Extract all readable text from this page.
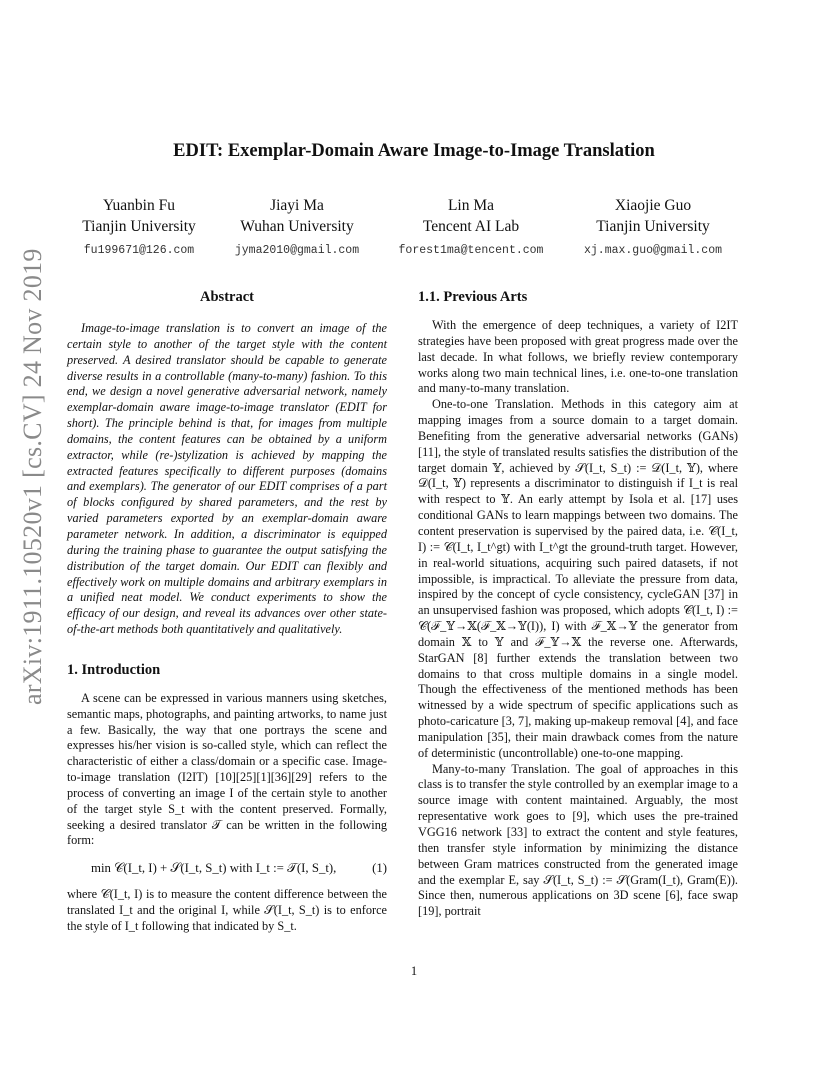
arXiv:1911.10520v1 [cs.CV] 24 Nov 2019
EDIT: Exemplar-Domain Aware Image-to-Image Translation
Yuanbin Fu
Tianjin University
fu199671@126.com
Jiayi Ma
Wuhan University
jyma2010@gmail.com
Lin Ma
Tencent AI Lab
forest1ma@tencent.com
Xiaojie Guo
Tianjin University
xj.max.guo@gmail.com
Abstract

Image-to-image translation is to convert an image of the certain style to another of the target style with the content preserved. A desired translator should be capable to generate diverse results in a controllable (many-to-many) fashion. To this end, we design a novel generative adversarial network, namely exemplar-domain aware image-to-image translator (EDIT for short). The principle behind is that, for images from multiple domains, the content features can be obtained by a uniform extractor, while (re-)stylization is achieved by mapping the extracted features specifically to different purposes (domains and exemplars). The generator of our EDIT comprises of a part of blocks configured by shared parameters, and the rest by varied parameters exported by an exemplar-domain aware parameter network. In addition, a discriminator is equipped during the training phase to guarantee the output satisfying the distribution of the target domain. Our EDIT can flexibly and effectively work on multiple domains and arbitrary exemplars in a unified neat model. We conduct experiments to show the efficacy of our design, and reveal its advances over other state-of-the-art methods both quantitatively and qualitatively.

1. Introduction

A scene can be expressed in various manners using sketches, semantic maps, photographs, and painting artworks, to name just a few. Basically, the way that one portrays the scene and expresses his/her vision is so-called style, which can reflect the characteristic of either a class/domain or a specific case. Image-to-image translation (I2IT) [10][25][1][36][29] refers to the process of converting an image I of the certain style to another of the target style S_t with the content preserved. Formally, seeking a desired translator 𝒯 can be written in the following form:

min 𝒞(I_t, I) + 𝒮(I_t, S_t) with I_t := 𝒯(I, S_t),	(1)

where 𝒞(I_t, I) is to measure the content difference between the translated I_t and the original I, while 𝒮(I_t, S_t) is to enforce the style of I_t following that indicated by S_t.

1.1. Previous Arts

With the emergence of deep techniques, a variety of I2IT strategies have been proposed with great progress made over the last decade. In what follows, we briefly review contemporary works along two main technical lines, i.e. one-to-one translation and many-to-many translation.

One-to-one Translation. Methods in this category aim at mapping images from a source domain to a target domain. Benefiting from the generative adversarial networks (GANs) [11], the style of translated results satisfies the distribution of the target domain 𝕐, achieved by 𝒮(I_t, S_t) := 𝒟(I_t, 𝕐), where 𝒟(I_t, 𝕐) represents a discriminator to distinguish if I_t is real with respect to 𝕐. An early attempt by Isola et al. [17] uses conditional GANs to learn mappings between two domains. The content preservation is supervised by the paired data, i.e. 𝒞(I_t, I) := 𝒞(I_t, I_t^gt) with I_t^gt the ground-truth target. However, in real-world situations, acquiring such paired datasets, if not impossible, is impractical. To alleviate the pressure from data, inspired by the concept of cycle consistency, cycleGAN [37] in an unsupervised fashion was proposed, which adopts 𝒞(I_t, I) := 𝒞(ℱ_𝕐→𝕏(ℱ_𝕏→𝕐(I)), I) with ℱ_𝕏→𝕐 the generator from domain 𝕏 to 𝕐 and ℱ_𝕐→𝕏 the reverse one. Afterwards, StarGAN [8] further extends the translation between two domains to that cross multiple domains in a single model. Though the effectiveness of the mentioned methods has been witnessed by a wide spectrum of specific applications such as photo-caricature [3, 7], making up-makeup removal [4], and face manipulation [35], their main drawback comes from the nature of deterministic (uncontrollable) one-to-one mapping.

Many-to-many Translation. The goal of approaches in this class is to transfer the style controlled by an exemplar image to a source image with content maintained. Arguably, the most representative work goes to [9], which uses the pre-trained VGG16 network [33] to extract the content and style features, then transfer style information by minimizing the distance between Gram matrices constructed from the generated image and the exemplar E, say 𝒮(I_t, S_t) := 𝒮(Gram(I_t), Gram(E)). Since then, numerous applications on 3D scene [6], face swap [19], portrait

1
